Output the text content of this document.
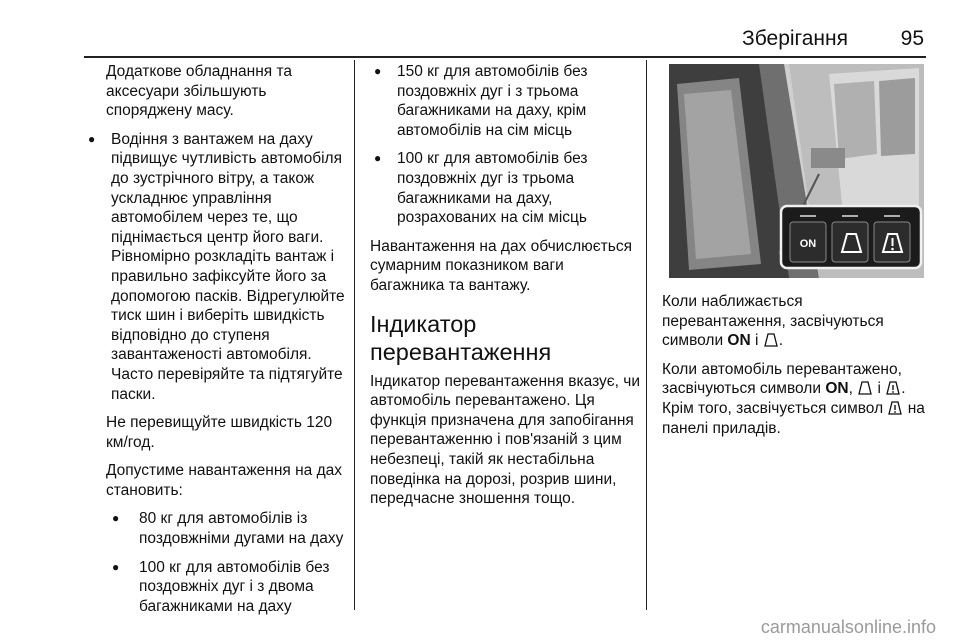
Зберігання	95

Додаткове обладнання та аксесуари збільшують споряджену масу.

● Водіння з вантажем на даху підвищує чутливість автомобіля до зустрічного вітру, а також ускладнює управління автомобілем через те, що піднімається центр його ваги. Рівномірно розкладіть вантаж і правильно зафіксуйте його за допомогою пасків. Відрегулюйте тиск шин і виберіть швидкість відповідно до ступеня завантаженості автомобіля. Часто перевіряйте та підтягуйте паски.

Не перевищуйте швидкість 120 км/год.

Допустиме навантаження на дах становить:

● 80 кг для автомобілів із поздовжніми дугами на даху

● 100 кг для автомобілів без поздовжніх дуг і з двома багажниками на даху

● 150 кг для автомобілів без поздовжніх дуг і з трьома багажниками на даху, крім автомобілів на сім місць

● 100 кг для автомобілів без поздовжніх дуг із трьома багажниками на даху, розрахованих на сім місць

Навантаження на дах обчислюється сумарним показником ваги багажника та вантажу.

Індикатор перевантаження

Індикатор перевантаження вказує, чи автомобіль перевантажено. Ця функція призначена для запобігання перевантаженню і пов'язаній з цим небезпеці, такій як нестабільна поведінка на дорозі, розрив шини, передчасне зношення тощо.

ON

Коли наближається перевантаження, засвічуються символи ON і .

Коли автомобіль перевантажено, засвічуються символи ON, і . Крім того, засвічується символ на панелі приладів.

carmanualsonline.info
